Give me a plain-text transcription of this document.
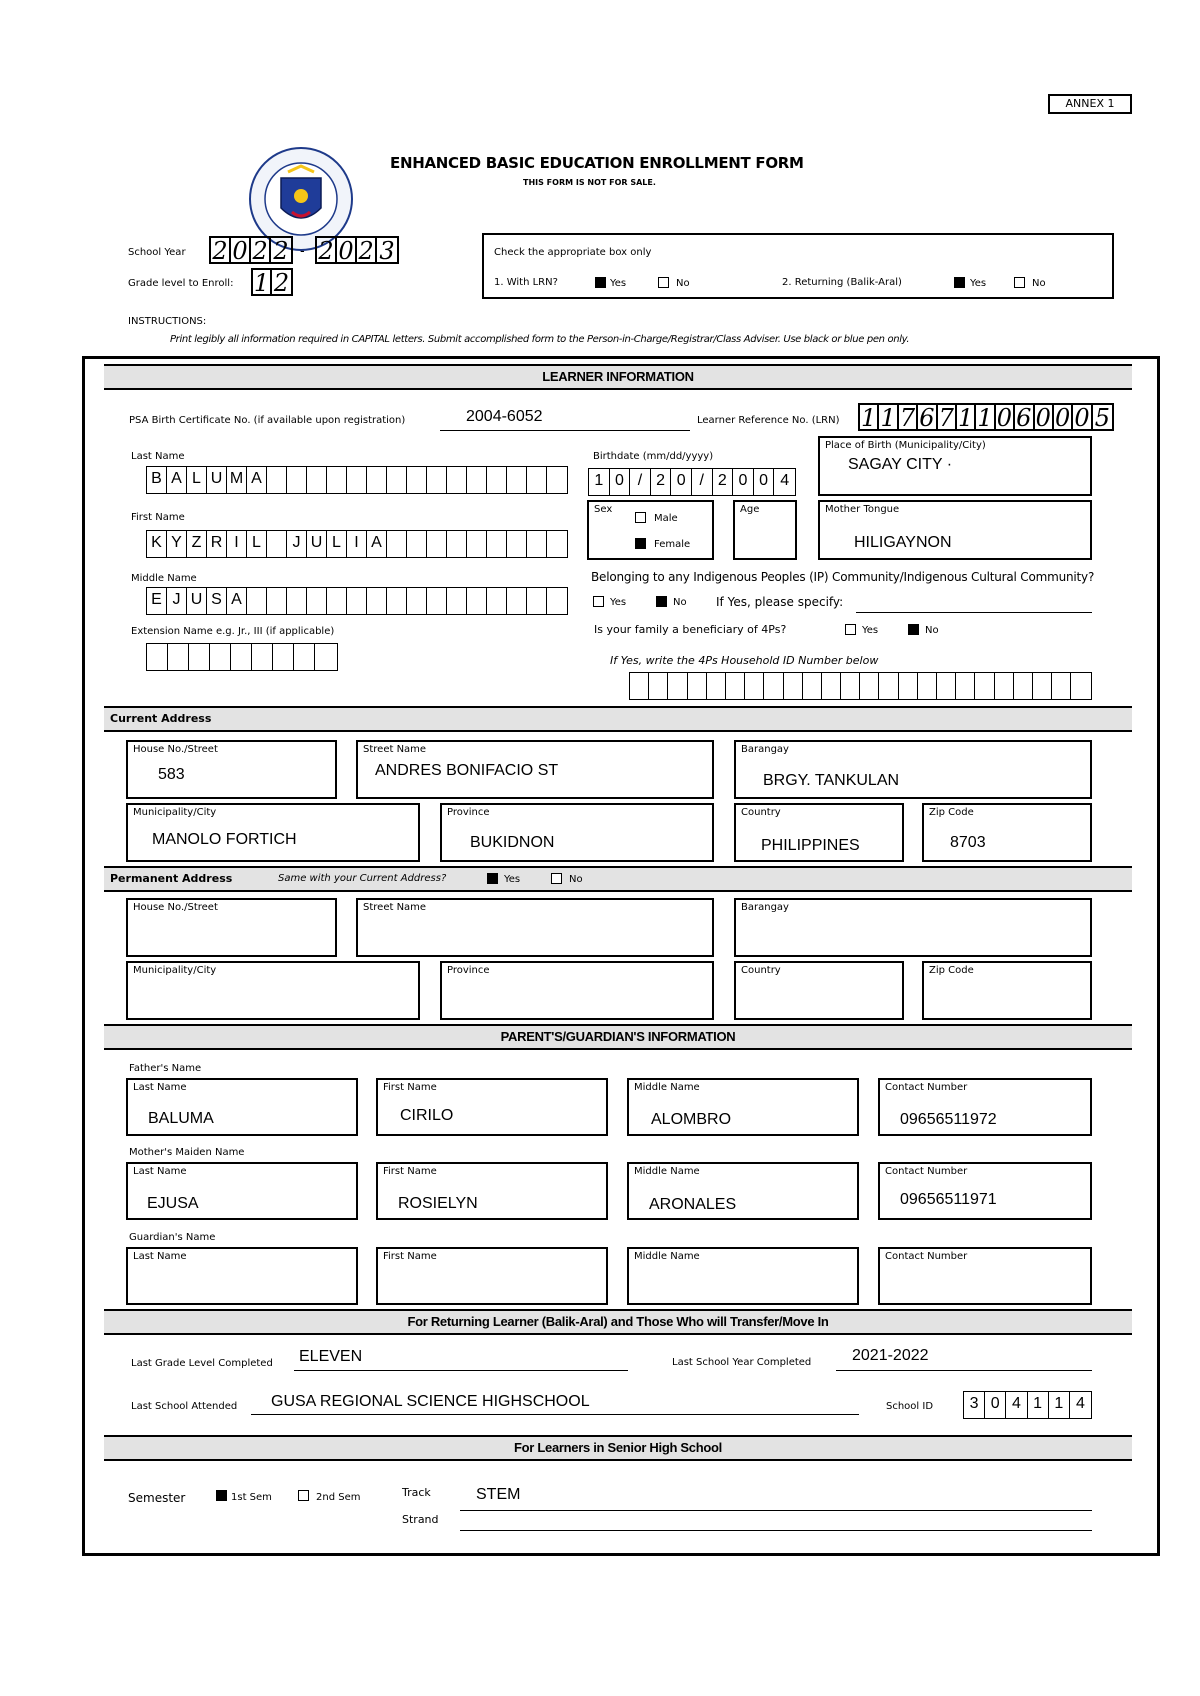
ANNEX 1
ENHANCED BASIC EDUCATION ENROLLMENT FORM
THIS FORM IS NOT FOR SALE.
School Year 2 0 2 2 - 2 0 2 3
Grade level to Enroll: 1 2
Check the appropriate box only
1. With LRN?	Yes	No	2. Returning (Balik-Aral)	Yes	No
INSTRUCTIONS:
Print legibly all information required in CAPITAL letters. Submit accomplished form to the Person-in-Charge/Registrar/Class Adviser. Use black or blue pen only.
LEARNER INFORMATION
PSA Birth Certificate No. (if available upon registration)	2004-6052	Learner Reference No. (LRN) 1 1 7 6 7 1 1 0 6 0 0 0 5
Last Name
B A L U M A
First Name
K Y Z R I L	J U L I A
Middle Name
E J U S A
Extension Name e.g. Jr., III (if applicable)
Birthdate (mm/dd/yyyy)
1 0 / 2 0 / 2 0 0 4
Place of Birth (Municipality/City)
SAGAY CITY ·
Sex
Male
Female
Age	Mother Tongue
HILIGAYNON
Belonging to any Indigenous Peoples (IP) Community/Indigenous Cultural Community?
Yes	No If Yes, please specify:
Is your family a beneficiary of 4Ps?	Yes	No
If Yes, write the 4Ps Household ID Number below
Current Address
House No./Street
583
Street Name
ANDRES BONIFACIO ST
Barangay
BRGY. TANKULAN
Municipality/City
MANOLO FORTICH
Province
BUKIDNON
Country
PHILIPPINES
Zip Code
8703
Permanent Address	Same with your Current Address?	Yes	No
House No./Street	Street Name	Barangay
Municipality/City	Province	Country	Zip Code
PARENT'S/GUARDIAN'S INFORMATION
Father's Name
Last Name
BALUMA
First Name
CIRILO
Middle Name
ALOMBRO
Contact Number
09656511972
Mother's Maiden Name
Last Name
EJUSA
First Name
ROSIELYN
Middle Name
ARONALES
Contact Number
09656511971
Guardian's Name
Last Name	First Name	Middle Name	Contact Number
For Returning Learner (Balik-Aral) and Those Who will Transfer/Move In
Last Grade Level Completed ELEVEN	Last School Year Completed	2021-2022
Last School Attended GUSA REGIONAL SCIENCE HIGHSCHOOL	School ID	3 0 4 1 1 4
For Learners in Senior High School
Semester	1st Sem	2nd Sem	Track	STEM
Strand
